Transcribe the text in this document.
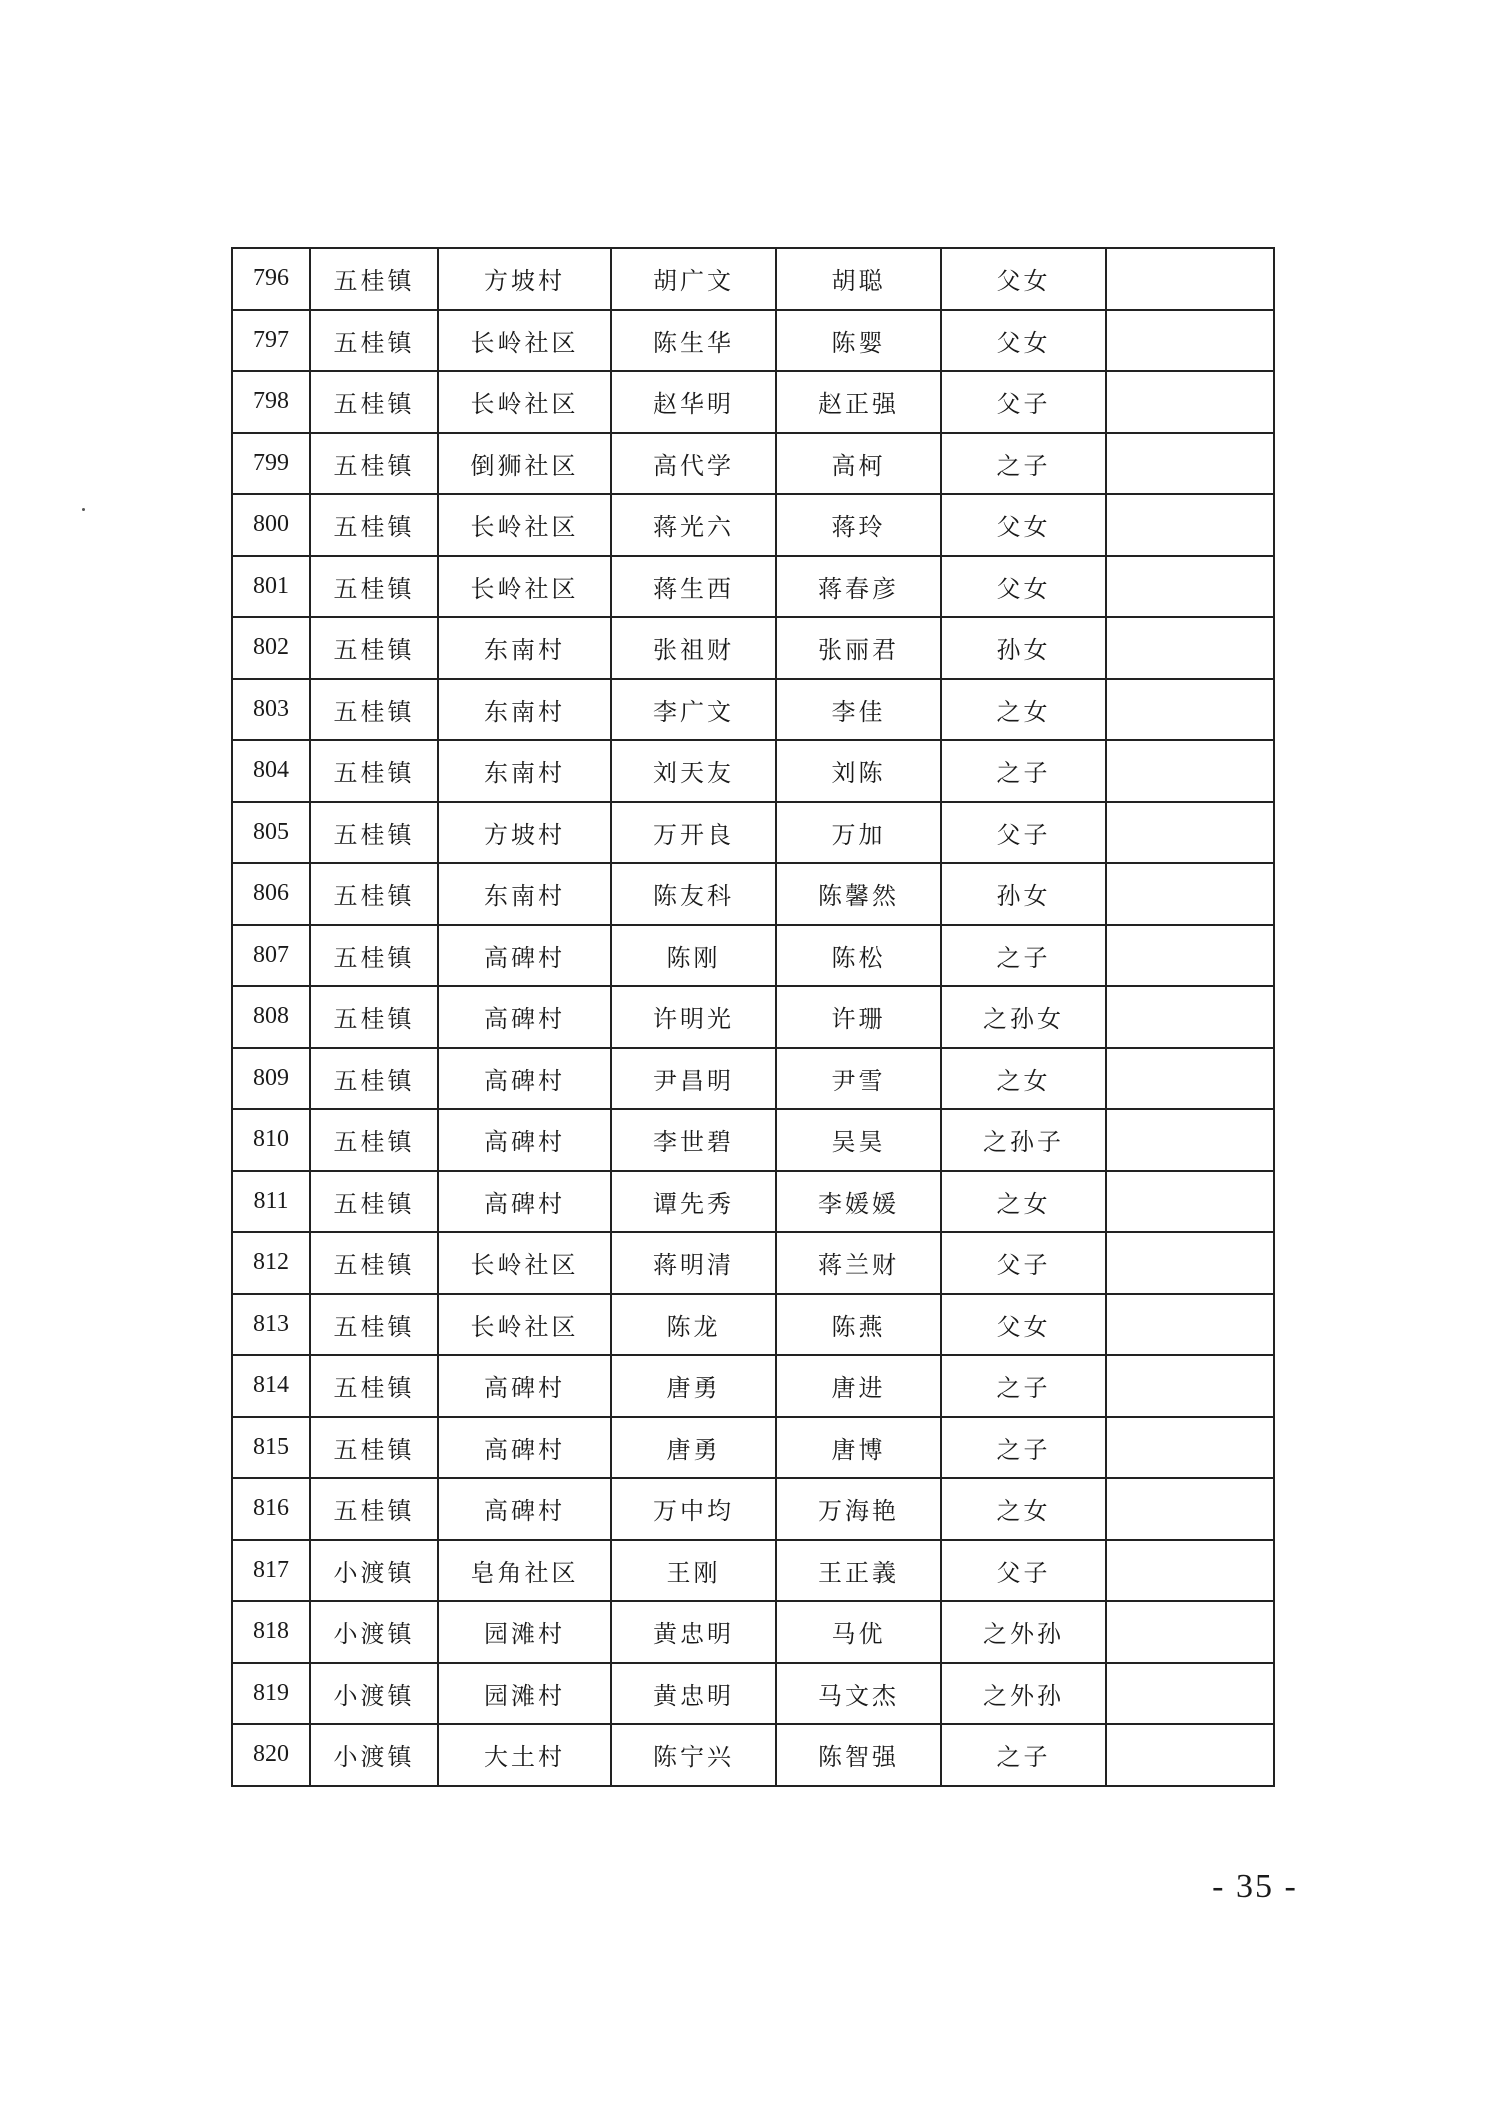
796	五桂镇	方坡村	胡广文	胡聪	父女	
797	五桂镇	长岭社区	陈生华	陈婴	父女	
798	五桂镇	长岭社区	赵华明	赵正强	父子	
799	五桂镇	倒狮社区	高代学	高柯	之子	
800	五桂镇	长岭社区	蒋光六	蒋玲	父女	
801	五桂镇	长岭社区	蒋生西	蒋春彦	父女	
802	五桂镇	东南村	张祖财	张丽君	孙女	
803	五桂镇	东南村	李广文	李佳	之女	
804	五桂镇	东南村	刘天友	刘陈	之子	
805	五桂镇	方坡村	万开良	万加	父子	
806	五桂镇	东南村	陈友科	陈馨然	孙女	
807	五桂镇	高碑村	陈刚	陈松	之子	
808	五桂镇	高碑村	许明光	许珊	之孙女	
809	五桂镇	高碑村	尹昌明	尹雪	之女	
810	五桂镇	高碑村	李世碧	吴昊	之孙子	
811	五桂镇	高碑村	谭先秀	李媛媛	之女	
812	五桂镇	长岭社区	蒋明清	蒋兰财	父子	
813	五桂镇	长岭社区	陈龙	陈燕	父女	
814	五桂镇	高碑村	唐勇	唐进	之子	
815	五桂镇	高碑村	唐勇	唐博	之子	
816	五桂镇	高碑村	万中均	万海艳	之女	
817	小渡镇	皂角社区	王刚	王正義	父子	
818	小渡镇	园滩村	黄忠明	马优	之外孙	
819	小渡镇	园滩村	黄忠明	马文杰	之外孙	
820	小渡镇	大土村	陈宁兴	陈智强	之子	
- 35 -
